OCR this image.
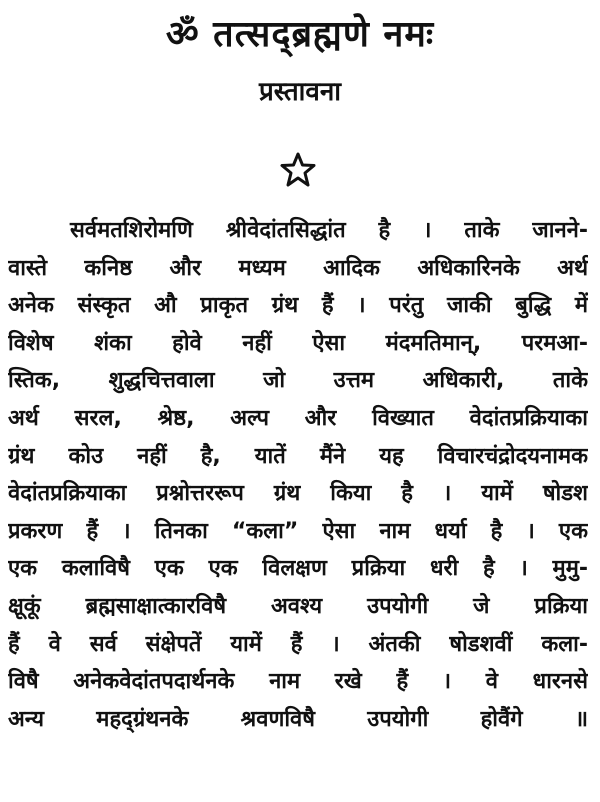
ॐ तत्सद्ब्रह्मणे नमः
प्रस्तावना
सर्वमतशिरोमणि श्रीवेदांतसिद्धांत है । ताके जानने-
वास्ते कनिष्ठ और मध्यम आदिक अधिकारिनके अर्थ
अनेक संस्कृत औ प्राकृत ग्रंथ हैं । परंतु जाकी बुद्धि में
विशेष शंका होवे नहीं ऐसा मंदमतिमान्, परमआ-
स्तिक, शुद्धचित्तवाला जो उत्तम अधिकारी, ताके
अर्थ सरल, श्रेष्ठ, अल्प और विख्यात वेदांतप्रक्रियाका
ग्रंथ कोउ नहीं है, यातें मैंने यह विचारचंद्रोदयनामक
वेदांतप्रक्रियाका प्रश्नोत्तररूप ग्रंथ किया है । यामें षोडश
प्रकरण हैं । तिनका “कला” ऐसा नाम धर्या है । एक
एक कलाविषै एक एक विलक्षण प्रक्रिया धरी है । मुमु-
क्षूकूं ब्रह्मसाक्षात्कारविषै अवश्य उपयोगी जे प्रक्रिया
हैं वे सर्व संक्षेपतें यामें हैं । अंतकी षोडशवीं कला-
विषै अनेकवेदांतपदार्थनके नाम रखे हैं । वे धारनसे
अन्य महद्ग्रंथनके श्रवणविषै उपयोगी होवैंगे ॥
